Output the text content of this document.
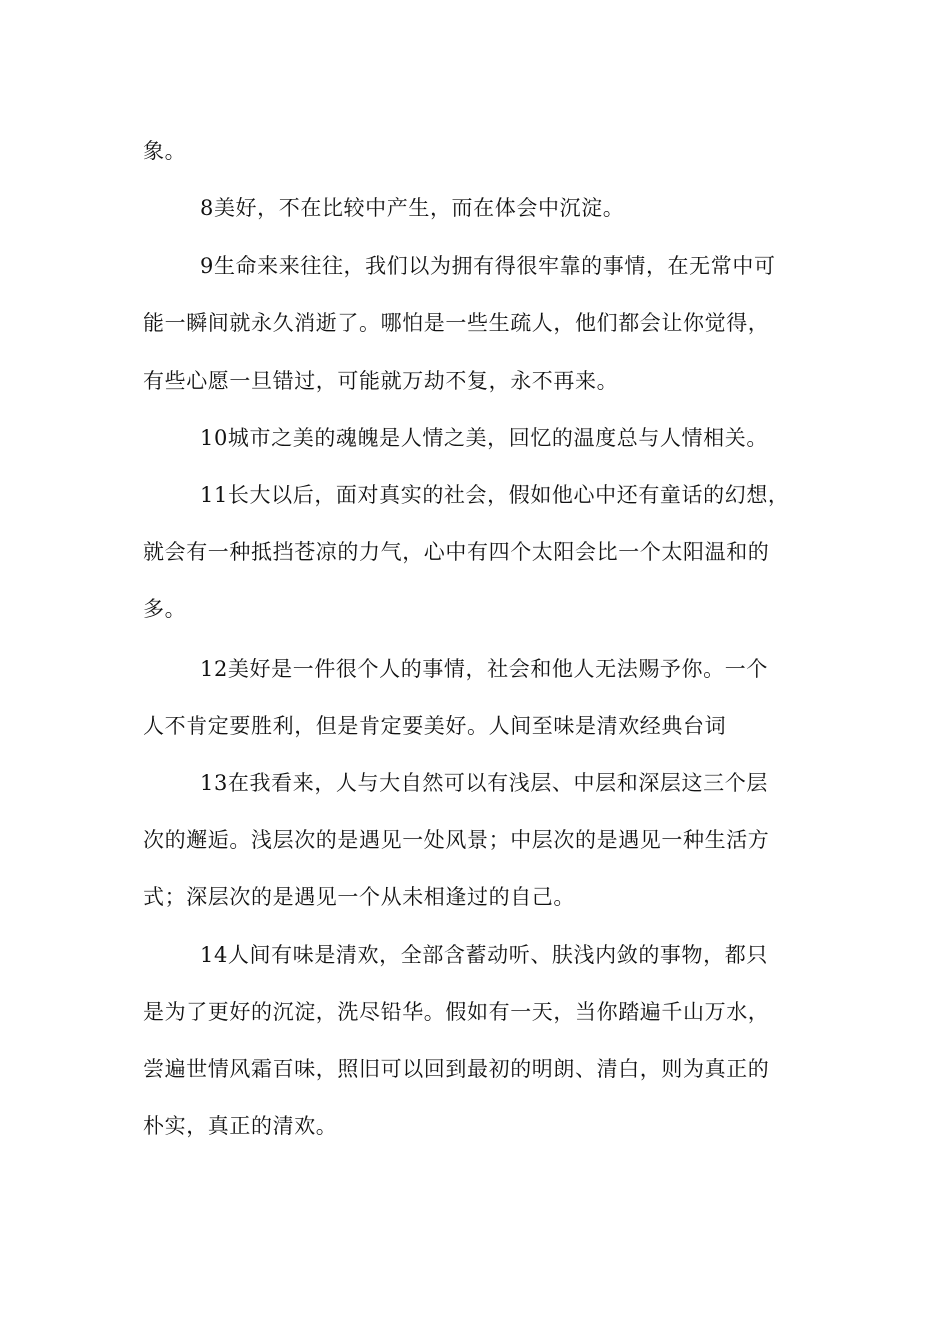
象。
8美好，不在比较中产生，而在体会中沉淀。
9生命来来往往，我们以为拥有得很牢靠的事情，在无常中可
能一瞬间就永久消逝了。哪怕是一些生疏人，他们都会让你觉得，
有些心愿一旦错过，可能就万劫不复，永不再来。
10城市之美的魂魄是人情之美，回忆的温度总与人情相关。
11长大以后，面对真实的社会，假如他心中还有童话的幻想，
就会有一种抵挡苍凉的力气，心中有四个太阳会比一个太阳温和的
多。
12美好是一件很个人的事情，社会和他人无法赐予你。一个
人不肯定要胜利，但是肯定要美好。人间至味是清欢经典台词
13在我看来，人与大自然可以有浅层、中层和深层这三个层
次的邂逅。浅层次的是遇见一处风景；中层次的是遇见一种生活方
式；深层次的是遇见一个从未相逢过的自己。
14人间有味是清欢，全部含蓄动听、肤浅内敛的事物，都只
是为了更好的沉淀，洗尽铅华。假如有一天，当你踏遍千山万水，
尝遍世情风霜百味，照旧可以回到最初的明朗、清白，则为真正的
朴实，真正的清欢。
